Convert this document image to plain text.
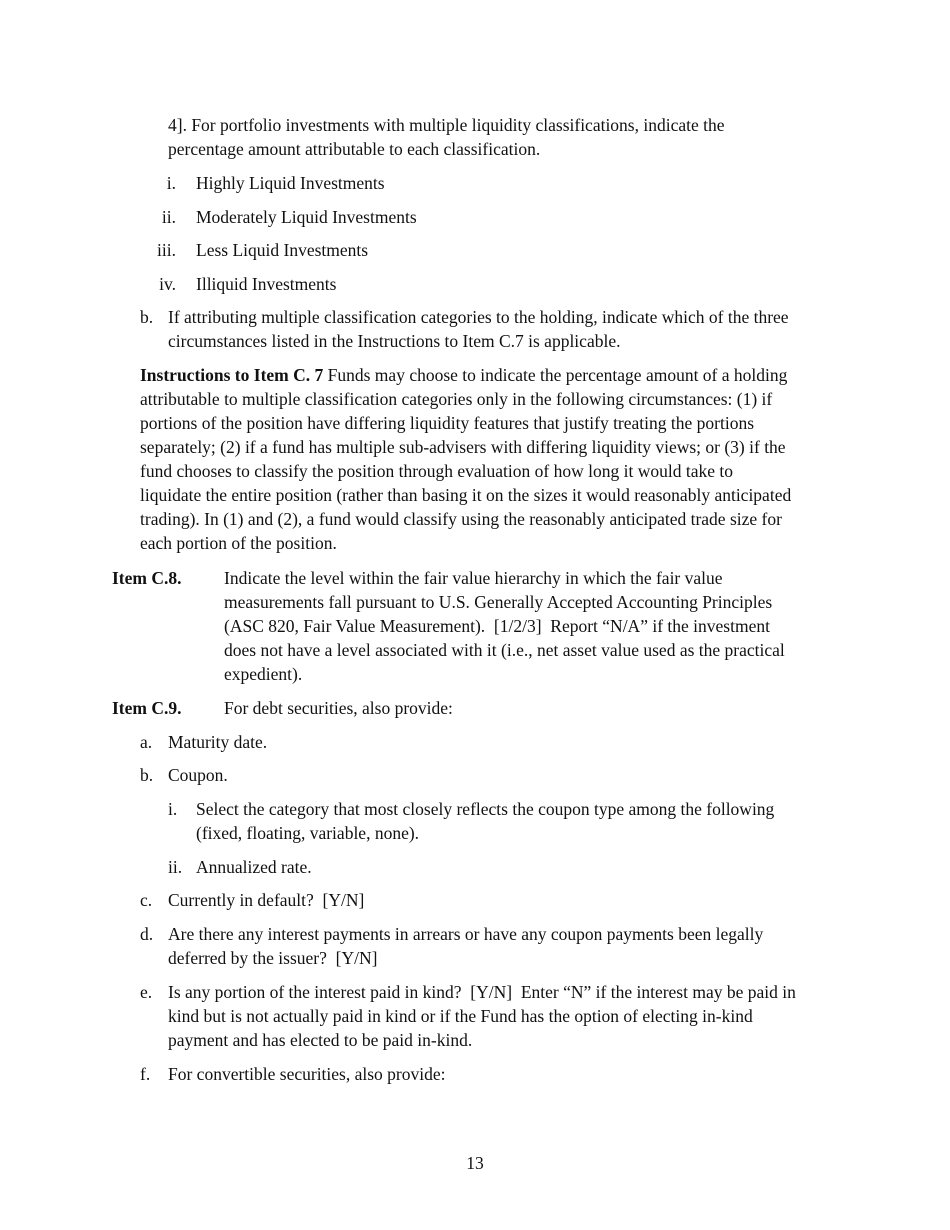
4]. For portfolio investments with multiple liquidity classifications, indicate the

percentage amount attributable to each classification.

i. Highly Liquid Investments
ii. Moderately Liquid Investments
iii. Less Liquid Investments
iv. Illiquid Investments
b. If attributing multiple classification categories to the holding, indicate which of the three

circumstances listed in the Instructions to Item C.7 is applicable.

Instructions to Item C. 7 Funds may choose to indicate the percentage amount of a holding

attributable to multiple classification categories only in the following circumstances: (1) if

portions of the position have differing liquidity features that justify treating the portions

separately; (2) if a fund has multiple sub-advisers with differing liquidity views; or (3) if the

fund chooses to classify the position through evaluation of how long it would take to

liquidate the entire position (rather than basing it on the sizes it would reasonably anticipated

trading). In (1) and (2), a fund would classify using the reasonably anticipated trade size for

each portion of the position.

Item C.8. Indicate the level within the fair value hierarchy in which the fair value

measurements fall pursuant to U.S. Generally Accepted Accounting Principles

(ASC 820, Fair Value Measurement).  [1/2/3]  Report “N/A” if the investment

does not have a level associated with it (i.e., net asset value used as the practical

expedient).

Item C.9. For debt securities, also provide:
a. Maturity date.
b. Coupon.
i. Select the category that most closely reflects the coupon type among the following

(fixed, floating, variable, none).

ii. Annualized rate.
c. Currently in default?  [Y/N]
d. Are there any interest payments in arrears or have any coupon payments been legally

deferred by the issuer?  [Y/N]

e. Is any portion of the interest paid in kind?  [Y/N]  Enter “N” if the interest may be paid in

kind but is not actually paid in kind or if the Fund has the option of electing in-kind

payment and has elected to be paid in-kind.

f. For convertible securities, also provide:
13
